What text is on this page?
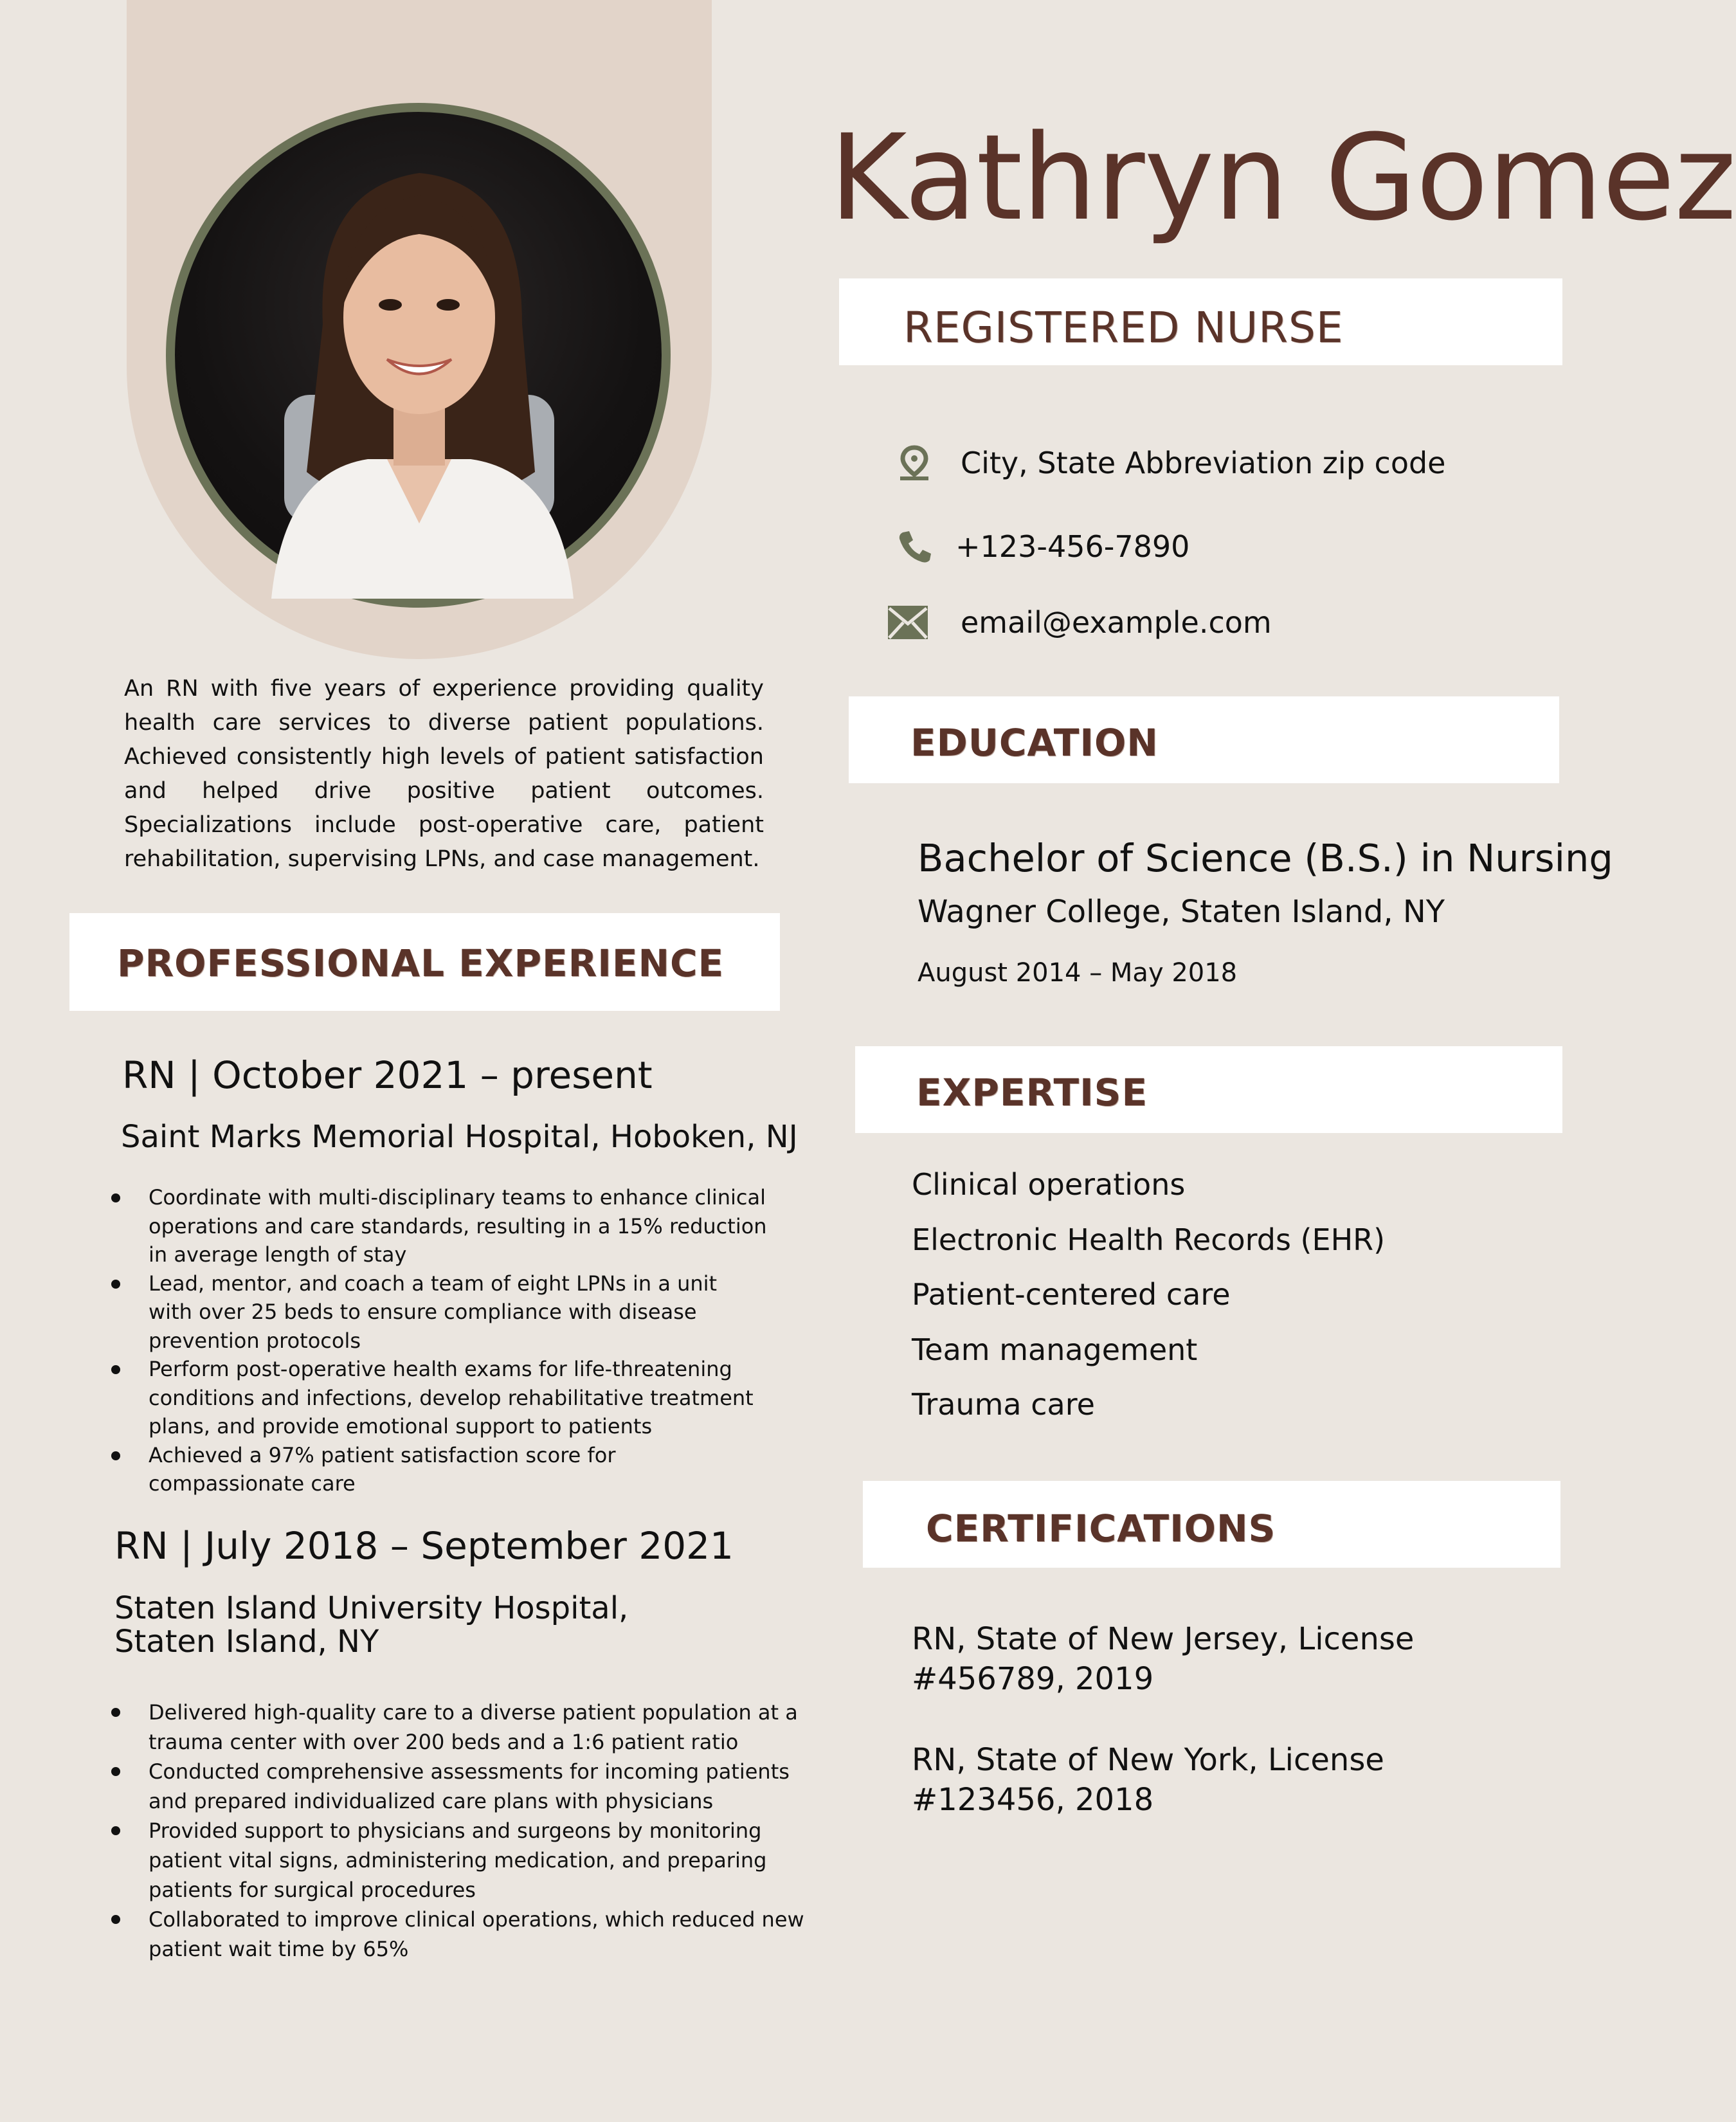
Kathryn Gomez
REGISTERED NURSE
City, State Abbreviation zip code
+123-456-7890
email@example.com
An RN with five years of experience providing quality health care services to diverse patient populations. Achieved consistently high levels of patient satisfaction and helped drive positive patient outcomes. Specializations include post-operative care, patient rehabilitation, supervising LPNs, and case management.
PROFESSIONAL EXPERIENCE
RN | October 2021 – present
Saint Marks Memorial Hospital, Hoboken, NJ
Coordinate with multi-disciplinary teams to enhance clinical operations and care standards, resulting in a 15% reduction in average length of stay
Lead, mentor, and coach a team of eight LPNs in a unit with over 25 beds to ensure compliance with disease prevention protocols
Perform post-operative health exams for life-threatening conditions and infections, develop rehabilitative treatment plans, and provide emotional support to patients
Achieved a 97% patient satisfaction score for compassionate care
RN | July 2018 – September 2021
Staten Island University Hospital,
Staten Island, NY
Delivered high-quality care to a diverse patient population at a trauma center with over 200 beds and a 1:6 patient ratio
Conducted comprehensive assessments for incoming patients and prepared individualized care plans with physicians
Provided support to physicians and surgeons by monitoring patient vital signs, administering medication, and preparing patients for surgical procedures
Collaborated to improve clinical operations, which reduced new patient wait time by 65%
EDUCATION
Bachelor of Science (B.S.) in Nursing
Wagner College, Staten Island, NY
August 2014 – May 2018
EXPERTISE
Clinical operations
Electronic Health Records (EHR)
Patient-centered care
Team management
Trauma care
CERTIFICATIONS
RN, State of New Jersey, License
#456789, 2019
RN, State of New York, License
#123456, 2018
